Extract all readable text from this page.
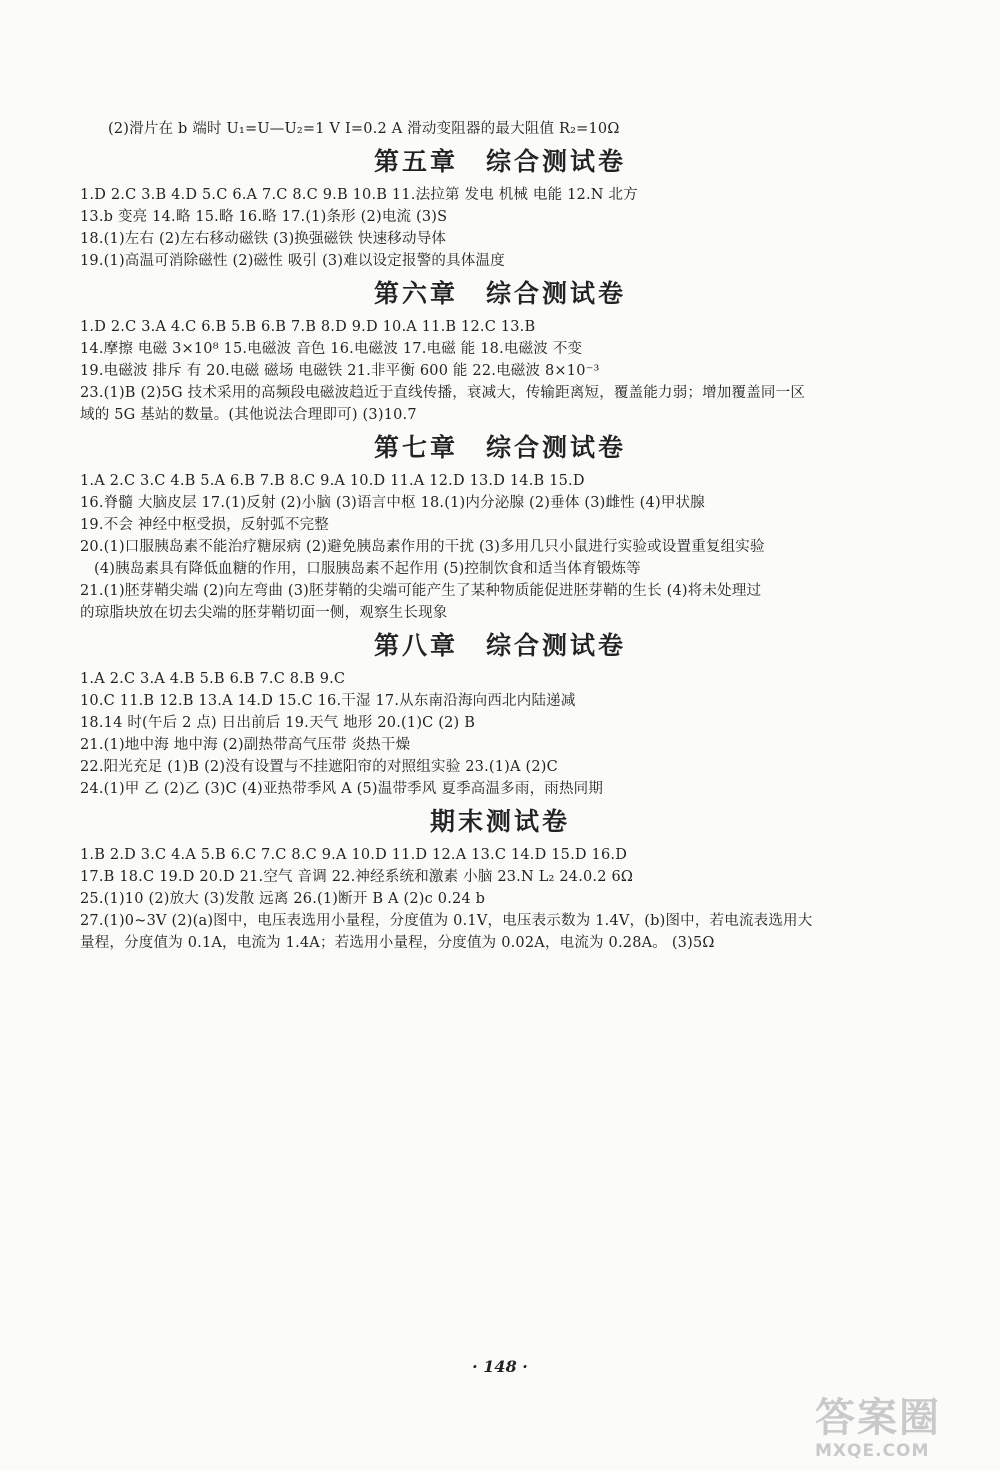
(2)滑片在 b 端时 U₁=U—U₂=1 V I=0.2 A 滑动变阻器的最大阻值 R₂=10Ω
第五章　综合测试卷
1.D 2.C 3.B 4.D 5.C 6.A 7.C 8.C 9.B 10.B 11.法拉第 发电 机械 电能 12.N 北方
13.b 变亮 14.略 15.略 16.略 17.(1)条形 (2)电流 (3)S
18.(1)左右 (2)左右移动磁铁 (3)换强磁铁 快速移动导体
19.(1)高温可消除磁性 (2)磁性 吸引 (3)难以设定报警的具体温度
第六章　综合测试卷
1.D 2.C 3.A 4.C 6.B 5.B 6.B 7.B 8.D 9.D 10.A 11.B 12.C 13.B
14.摩擦 电磁 3×10⁸ 15.电磁波 音色 16.电磁波 17.电磁 能 18.电磁波 不变
19.电磁波 排斥 有 20.电磁 磁场 电磁铁 21.非平衡 600 能 22.电磁波 8×10⁻³
23.(1)B (2)5G 技术采用的高频段电磁波趋近于直线传播，衰减大，传输距离短，覆盖能力弱；增加覆盖同一区
域的 5G 基站的数量。(其他说法合理即可) (3)10.7
第七章　综合测试卷
1.A 2.C 3.C 4.B 5.A 6.B 7.B 8.C 9.A 10.D 11.A 12.D 13.D 14.B 15.D
16.脊髓 大脑皮层 17.(1)反射 (2)小脑 (3)语言中枢 18.(1)内分泌腺 (2)垂体 (3)雌性 (4)甲状腺
19.不会 神经中枢受损，反射弧不完整
20.(1)口服胰岛素不能治疗糖尿病 (2)避免胰岛素作用的干扰 (3)多用几只小鼠进行实验或设置重复组实验
(4)胰岛素具有降低血糖的作用，口服胰岛素不起作用 (5)控制饮食和适当体育锻炼等
21.(1)胚芽鞘尖端 (2)向左弯曲 (3)胚芽鞘的尖端可能产生了某种物质能促进胚芽鞘的生长 (4)将未处理过
的琼脂块放在切去尖端的胚芽鞘切面一侧，观察生长现象
第八章　综合测试卷
1.A 2.C 3.A 4.B 5.B 6.B 7.C 8.B 9.C
10.C 11.B 12.B 13.A 14.D 15.C 16.干湿 17.从东南沿海向西北内陆递减
18.14 时(午后 2 点) 日出前后 19.天气 地形 20.(1)C (2) B
21.(1)地中海 地中海 (2)副热带高气压带 炎热干燥
22.阳光充足 (1)B (2)没有设置与不挂遮阳帘的对照组实验 23.(1)A (2)C
24.(1)甲 乙 (2)乙 (3)C (4)亚热带季风 A (5)温带季风 夏季高温多雨，雨热同期
期末测试卷
1.B 2.D 3.C 4.A 5.B 6.C 7.C 8.C 9.A 10.D 11.D 12.A 13.C 14.D 15.D 16.D
17.B 18.C 19.D 20.D 21.空气 音调 22.神经系统和激素 小脑 23.N L₂ 24.0.2 6Ω
25.(1)10 (2)放大 (3)发散 远离 26.(1)断开 B A (2)c 0.24 b
27.(1)0~3V (2)(a)图中，电压表选用小量程，分度值为 0.1V，电压表示数为 1.4V，(b)图中，若电流表选用大
量程，分度值为 0.1A，电流为 1.4A；若选用小量程，分度值为 0.02A，电流为 0.28A。 (3)5Ω
· 148 ·
答案圈
MXQE.COM
